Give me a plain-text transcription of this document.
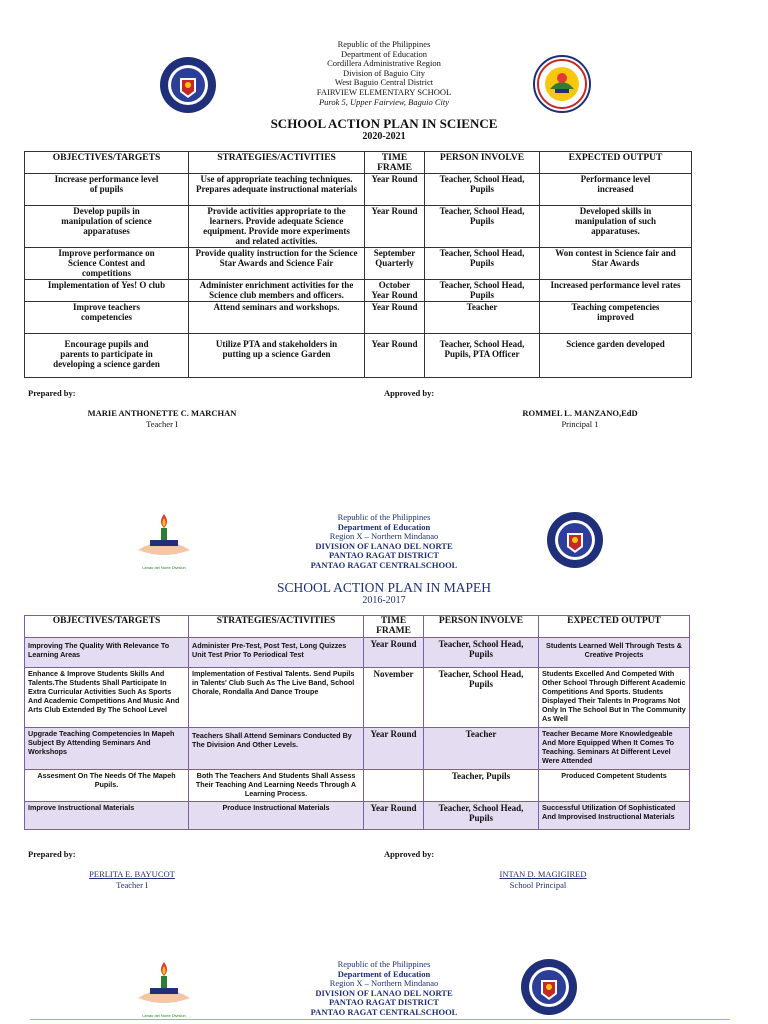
Republic of the Philippines
Department of Education
Cordillera Administrative Region
Division of Baguio City
West Baguio Central District
FAIRVIEW ELEMENTARY SCHOOL
Purok 5, Upper Fairview, Baguio City
SCHOOL ACTION PLAN IN SCIENCE
2020-2021
OBJECTIVES/TARGETS	STRATEGIES/ACTIVITIES	TIME FRAME	PERSON INVOLVE	EXPECTED OUTPUT
Increase performance level of pupils	Use of appropriate teaching techniques. Prepares adequate instructional materials	Year Round	Teacher, School Head, Pupils	Performance level increased
Develop pupils in manipulation of science apparatuses	Provide activities appropriate to the learners. Provide adequate Science equipment. Provide more experiments and related activities.	Year Round	Teacher, School Head, Pupils	Developed skills in manipulation of such apparatuses.
Improve performance on Science Contest and competitions	Provide quality instruction for the Science Star Awards and Science Fair	September Quarterly	Teacher, School Head, Pupils	Won contest in Science fair and Star Awards
Implementation of Yes! O club	Administer enrichment activities for the Science club members and officers.	October Year Round	Teacher, School Head, Pupils	Increased performance level rates
Improve teachers competencies	Attend seminars and workshops.	Year Round	Teacher	Teaching competencies improved
Encourage pupils and parents to participate in developing a science garden	Utilize PTA and stakeholders in putting up a science Garden	Year Round	Teacher, School Head, Pupils, PTA Officer	Science garden developed
Prepared by:	Approved by:
MARIE ANTHONETTE C. MARCHAN
Teacher I
ROMMEL L. MANZANO,EdD
Principal 1
Lanao del Norte Division
Republic of the Philippines
Department of Education
Region X – Northern Mindanao
DIVISION OF LANAO DEL NORTE
PANTAO RAGAT DISTRICT
PANTAO RAGAT CENTRALSCHOOL
SCHOOL ACTION PLAN IN MAPEH
2016-2017
OBJECTIVES/TARGETS	STRATEGIES/ACTIVITIES	TIME FRAME	PERSON INVOLVE	EXPECTED OUTPUT
Improving The Quality With Relevance To Learning Areas	Administer Pre-Test, Post Test, Long Quizzes Unit Test Prior To Periodical Test	Year Round	Teacher, School Head, Pupils	Students Learned Well Through Tests & Creative Projects
Enhance & Improve Students Skills And Talents.The Students Shall Participate In Extra Curricular Activities Such As Sports And Academic Competitions And Music And Arts Club Extended By The School Level	Implementation of Festival Talents. Send Pupils in Talents' Club Such As The Live Band, School Chorale, Rondalla And Dance Troupe	November	Teacher, School Head, Pupils	Students Excelled And Competed With Other School Through Different Academic Competitions And Sports. Students Displayed Their Talents In Programs Not Only In The School But In The Community As Well
Upgrade Teaching Competencies In Mapeh Subject By Attending Seminars And Workshops	Teachers Shall Attend Seminars Conducted By The Division And Other Levels.	Year Round	Teacher	Teacher Became More Knowledgeable And More Equipped When It Comes To Teaching. Seminars At Different Level Were Attended
Assesment On The Needs Of The Mapeh Pupils.	Both The Teachers And Students Shall Assess Their Teaching And Learning Needs Through A Learning Process.		Teacher, Pupils	Produced Competent Students
Improve Instructional Materials	Produce Instructional Materials	Year Round	Teacher, School Head, Pupils	Successful Utilization Of Sophisticated And Improvised Instructional Materials
Prepared by:	Approved by:
PERLITA E. BAYUCOT
Teacher I
INTAN D. MAGIGIRED
School Principal
Lanao del Norte Division
Republic of the Philippines
Department of Education
Region X – Northern Mindanao
DIVISION OF LANAO DEL NORTE
PANTAO RAGAT DISTRICT
PANTAO RAGAT CENTRALSCHOOL
